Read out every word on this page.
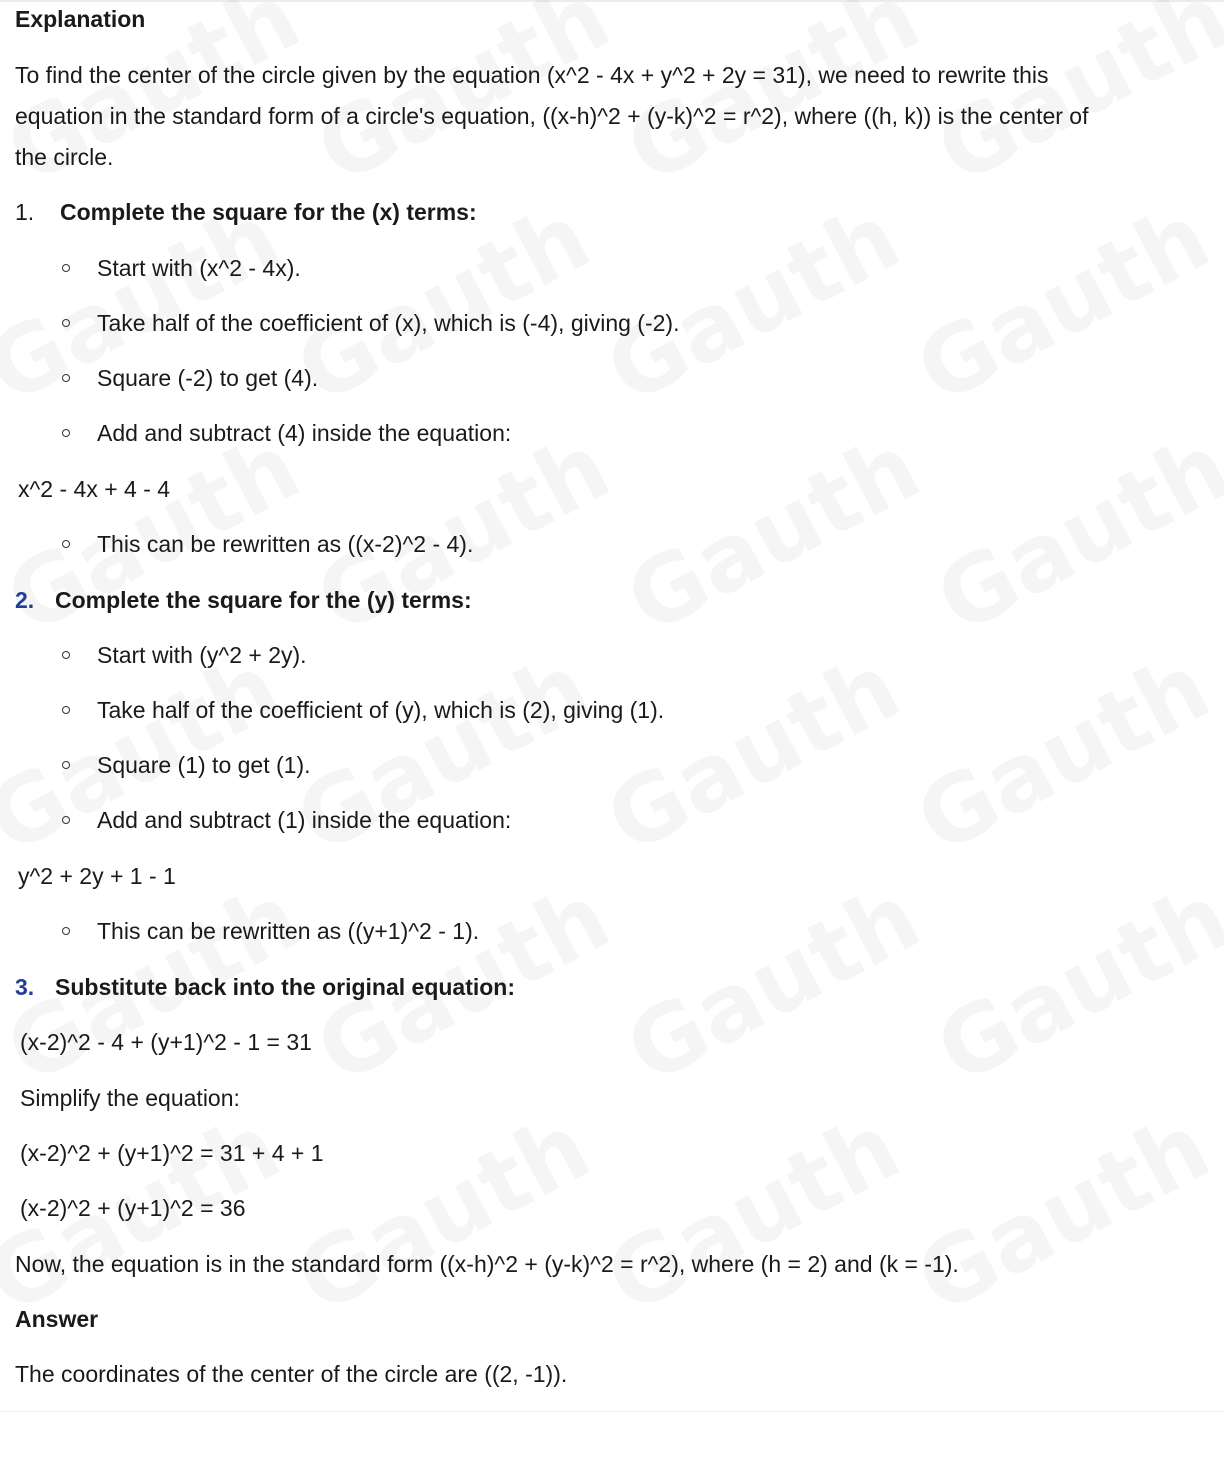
Explanation
To find the center of the circle given by the equation (x^2 - 4x + y^2 + 2y = 31), we need to rewrite this
equation in the standard form of a circle's equation, ((x-h)^2 + (y-k)^2 = r^2), where ((h, k)) is the center of
the circle.
1. Complete the square for the (x) terms:
Start with (x^2 - 4x).
Take half of the coefficient of (x), which is (-4), giving (-2).
Square (-2) to get (4).
Add and subtract (4) inside the equation:
x^2 - 4x + 4 - 4
This can be rewritten as ((x-2)^2 - 4).
2. Complete the square for the (y) terms:
Start with (y^2 + 2y).
Take half of the coefficient of (y), which is (2), giving (1).
Square (1) to get (1).
Add and subtract (1) inside the equation:
y^2 + 2y + 1 - 1
This can be rewritten as ((y+1)^2 - 1).
3. Substitute back into the original equation:
(x-2)^2 - 4 + (y+1)^2 - 1 = 31
Simplify the equation:
(x-2)^2 + (y+1)^2 = 31 + 4 + 1
(x-2)^2 + (y+1)^2 = 36
Now, the equation is in the standard form ((x-h)^2 + (y-k)^2 = r^2), where (h = 2) and (k = -1).
Answer
The coordinates of the center of the circle are ((2, -1)).
